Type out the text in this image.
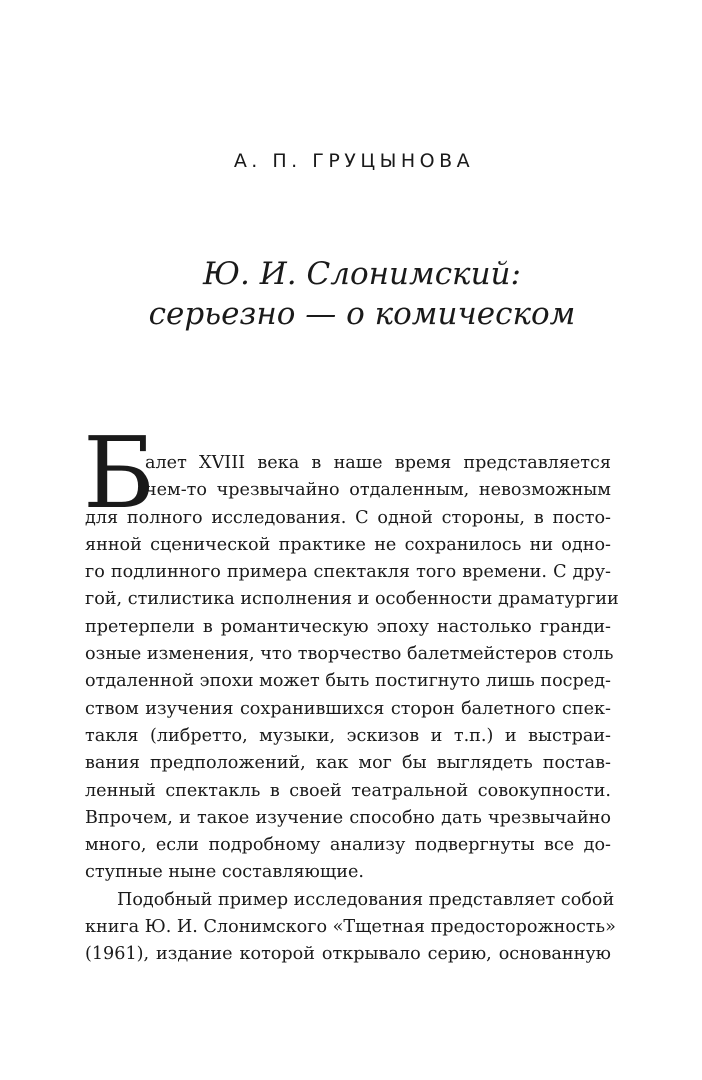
А. П. ГРУЦЫНОВА
Ю. И. Слонимский:
серьезно — о комическом
Б
алет XVIII века в наше время представляется
чем-то чрезвычайно отдаленным, невозможным
для полного исследования. С одной стороны, в посто-
янной сценической практике не сохранилось ни одно-
го подлинного примера спектакля того времени. С дру-
гой, стилистика исполнения и особенности драматургии
претерпели в романтическую эпоху настолько гранди-
озные изменения, что творчество балетмейстеров столь
отдаленной эпохи может быть постигнуто лишь посред-
ством изучения сохранившихся сторон балетного спек-
такля (либретто, музыки, эскизов и т.п.) и выстраи-
вания предположений, как мог бы выглядеть постав-
ленный спектакль в своей театральной совокупности.
Впрочем, и такое изучение способно дать чрезвычайно
много, если подробному анализу подвергнуты все до-
ступные ныне составляющие.
Подобный пример исследования представляет собой
книга Ю. И. Слонимского «Тщетная предосторожность»
(1961), издание которой открывало серию, основанную
